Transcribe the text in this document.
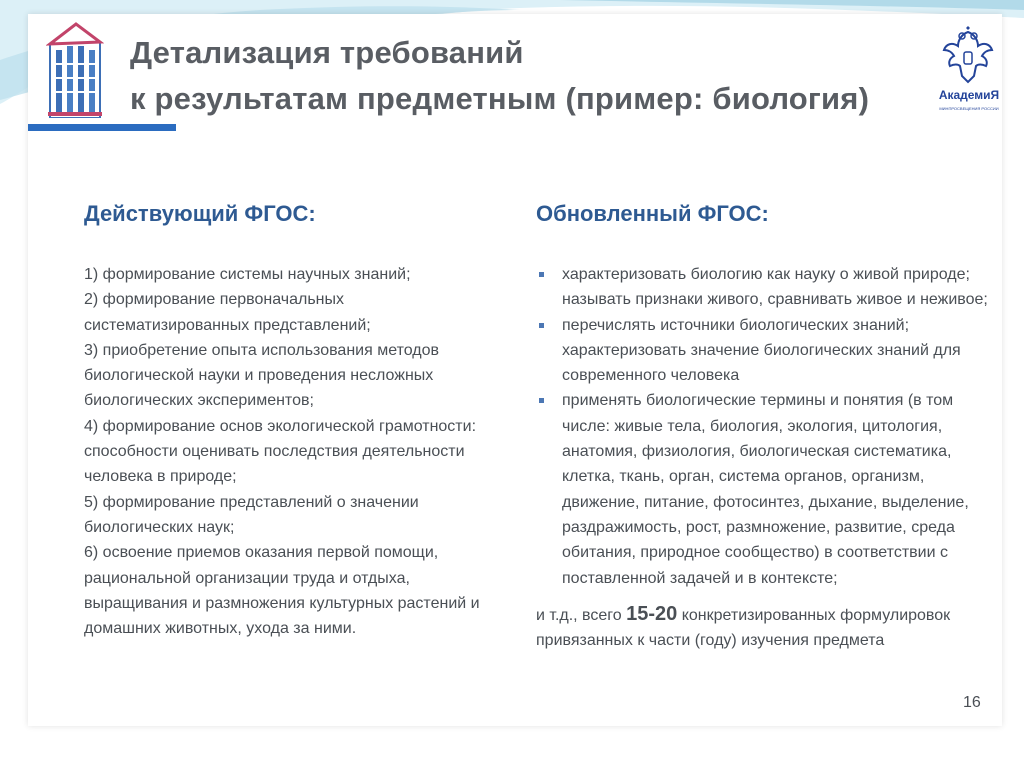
Детализация требований
к результатам предметным (пример: биология)	АкадемиЯ
МИНПРОСВЕЩЕНИЯ РОССИИ
Действующий ФГОС:
1) формирование системы научных знаний;
2) формирование первоначальных систематизированных представлений;
3) приобретение опыта использования методов биологической науки и проведения несложных биологических экспериментов;
4) формирование основ экологической грамотности: способности оценивать последствия деятельности человека в природе;
5) формирование представлений о значении биологических наук;
6) освоение приемов оказания первой помощи, рациональной организации труда и отдыха, выращивания и размножения культурных растений и домашних животных, ухода за ними.
Обновленный ФГОС:
характеризовать биологию как науку о живой природе; называть признаки живого, сравнивать живое и неживое;
перечислять источники биологических знаний; характеризовать значение биологических знаний для современного человека
применять биологические термины и понятия (в том числе: живые тела, биология, экология, цитология, анатомия, физиология, биологическая систематика, клетка, ткань, орган, система органов, организм, движение, питание, фотосинтез, дыхание, выделение, раздражимость, рост, размножение, развитие, среда обитания, природное сообщество) в соответствии с поставленной задачей и в контексте;

и т.д., всего 15-20 конкретизированных формулировок привязанных к части (году) изучения предмета

16
